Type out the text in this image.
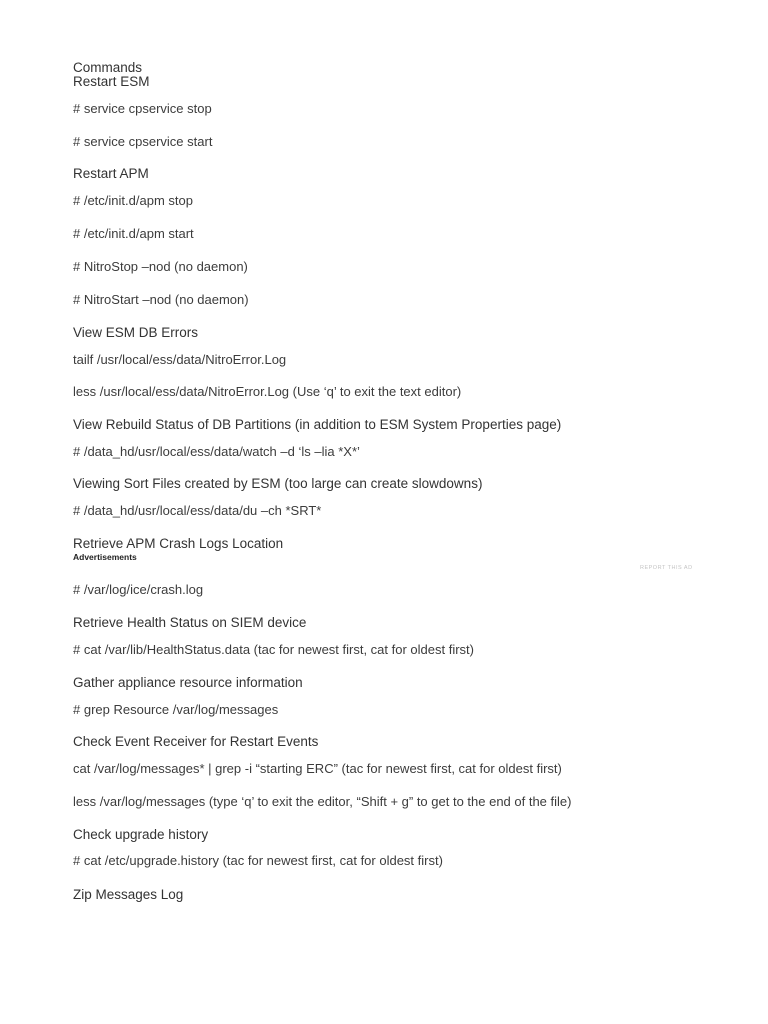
Commands
Restart ESM
# service cpservice stop
# service cpservice start
Restart APM
# /etc/init.d/apm stop
# /etc/init.d/apm start
# NitroStop –nod (no daemon)
# NitroStart –nod (no daemon)
View ESM DB Errors
tailf /usr/local/ess/data/NitroError.Log
less /usr/local/ess/data/NitroError.Log (Use ‘q’ to exit the text editor)
View Rebuild Status of DB Partitions (in addition to ESM System Properties page)
# /data_hd/usr/local/ess/data/watch –d ‘ls –lia *X*’
Viewing Sort Files created by ESM (too large can create slowdowns)
# /data_hd/usr/local/ess/data/du –ch *SRT*
Retrieve APM Crash Logs Location
Advertisements
REPORT THIS AD
# /var/log/ice/crash.log
Retrieve Health Status on SIEM device
# cat /var/lib/HealthStatus.data (tac for newest first, cat for oldest first)
Gather appliance resource information
# grep Resource /var/log/messages
Check Event Receiver for Restart Events
cat /var/log/messages* | grep -i “starting ERC” (tac for newest first, cat for oldest first)
less /var/log/messages (type ‘q’ to exit the editor, “Shift + g” to get to the end of the file)
Check upgrade history
# cat /etc/upgrade.history (tac for newest first, cat for oldest first)
Zip Messages Log
